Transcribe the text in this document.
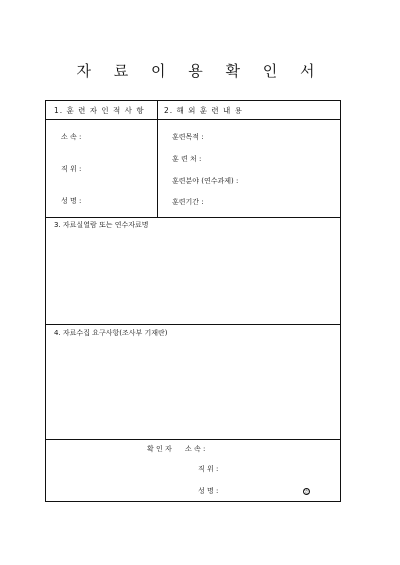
자 료 이 용 확 인 서
1. 훈 련 자 인 적 사 항
소 속 :
직 위 :
성 명 :
2. 해 외 훈 련 내 용
훈련목적 :
훈 련 처 :
훈련분야 (연수과제) :
훈련기간 :
3. 자료실열람 또는 연수자료명
4. 자료수집 요구사항(조사부 기재란)
확 인 자 소 속 :
직 위 :
성 명 :	인
